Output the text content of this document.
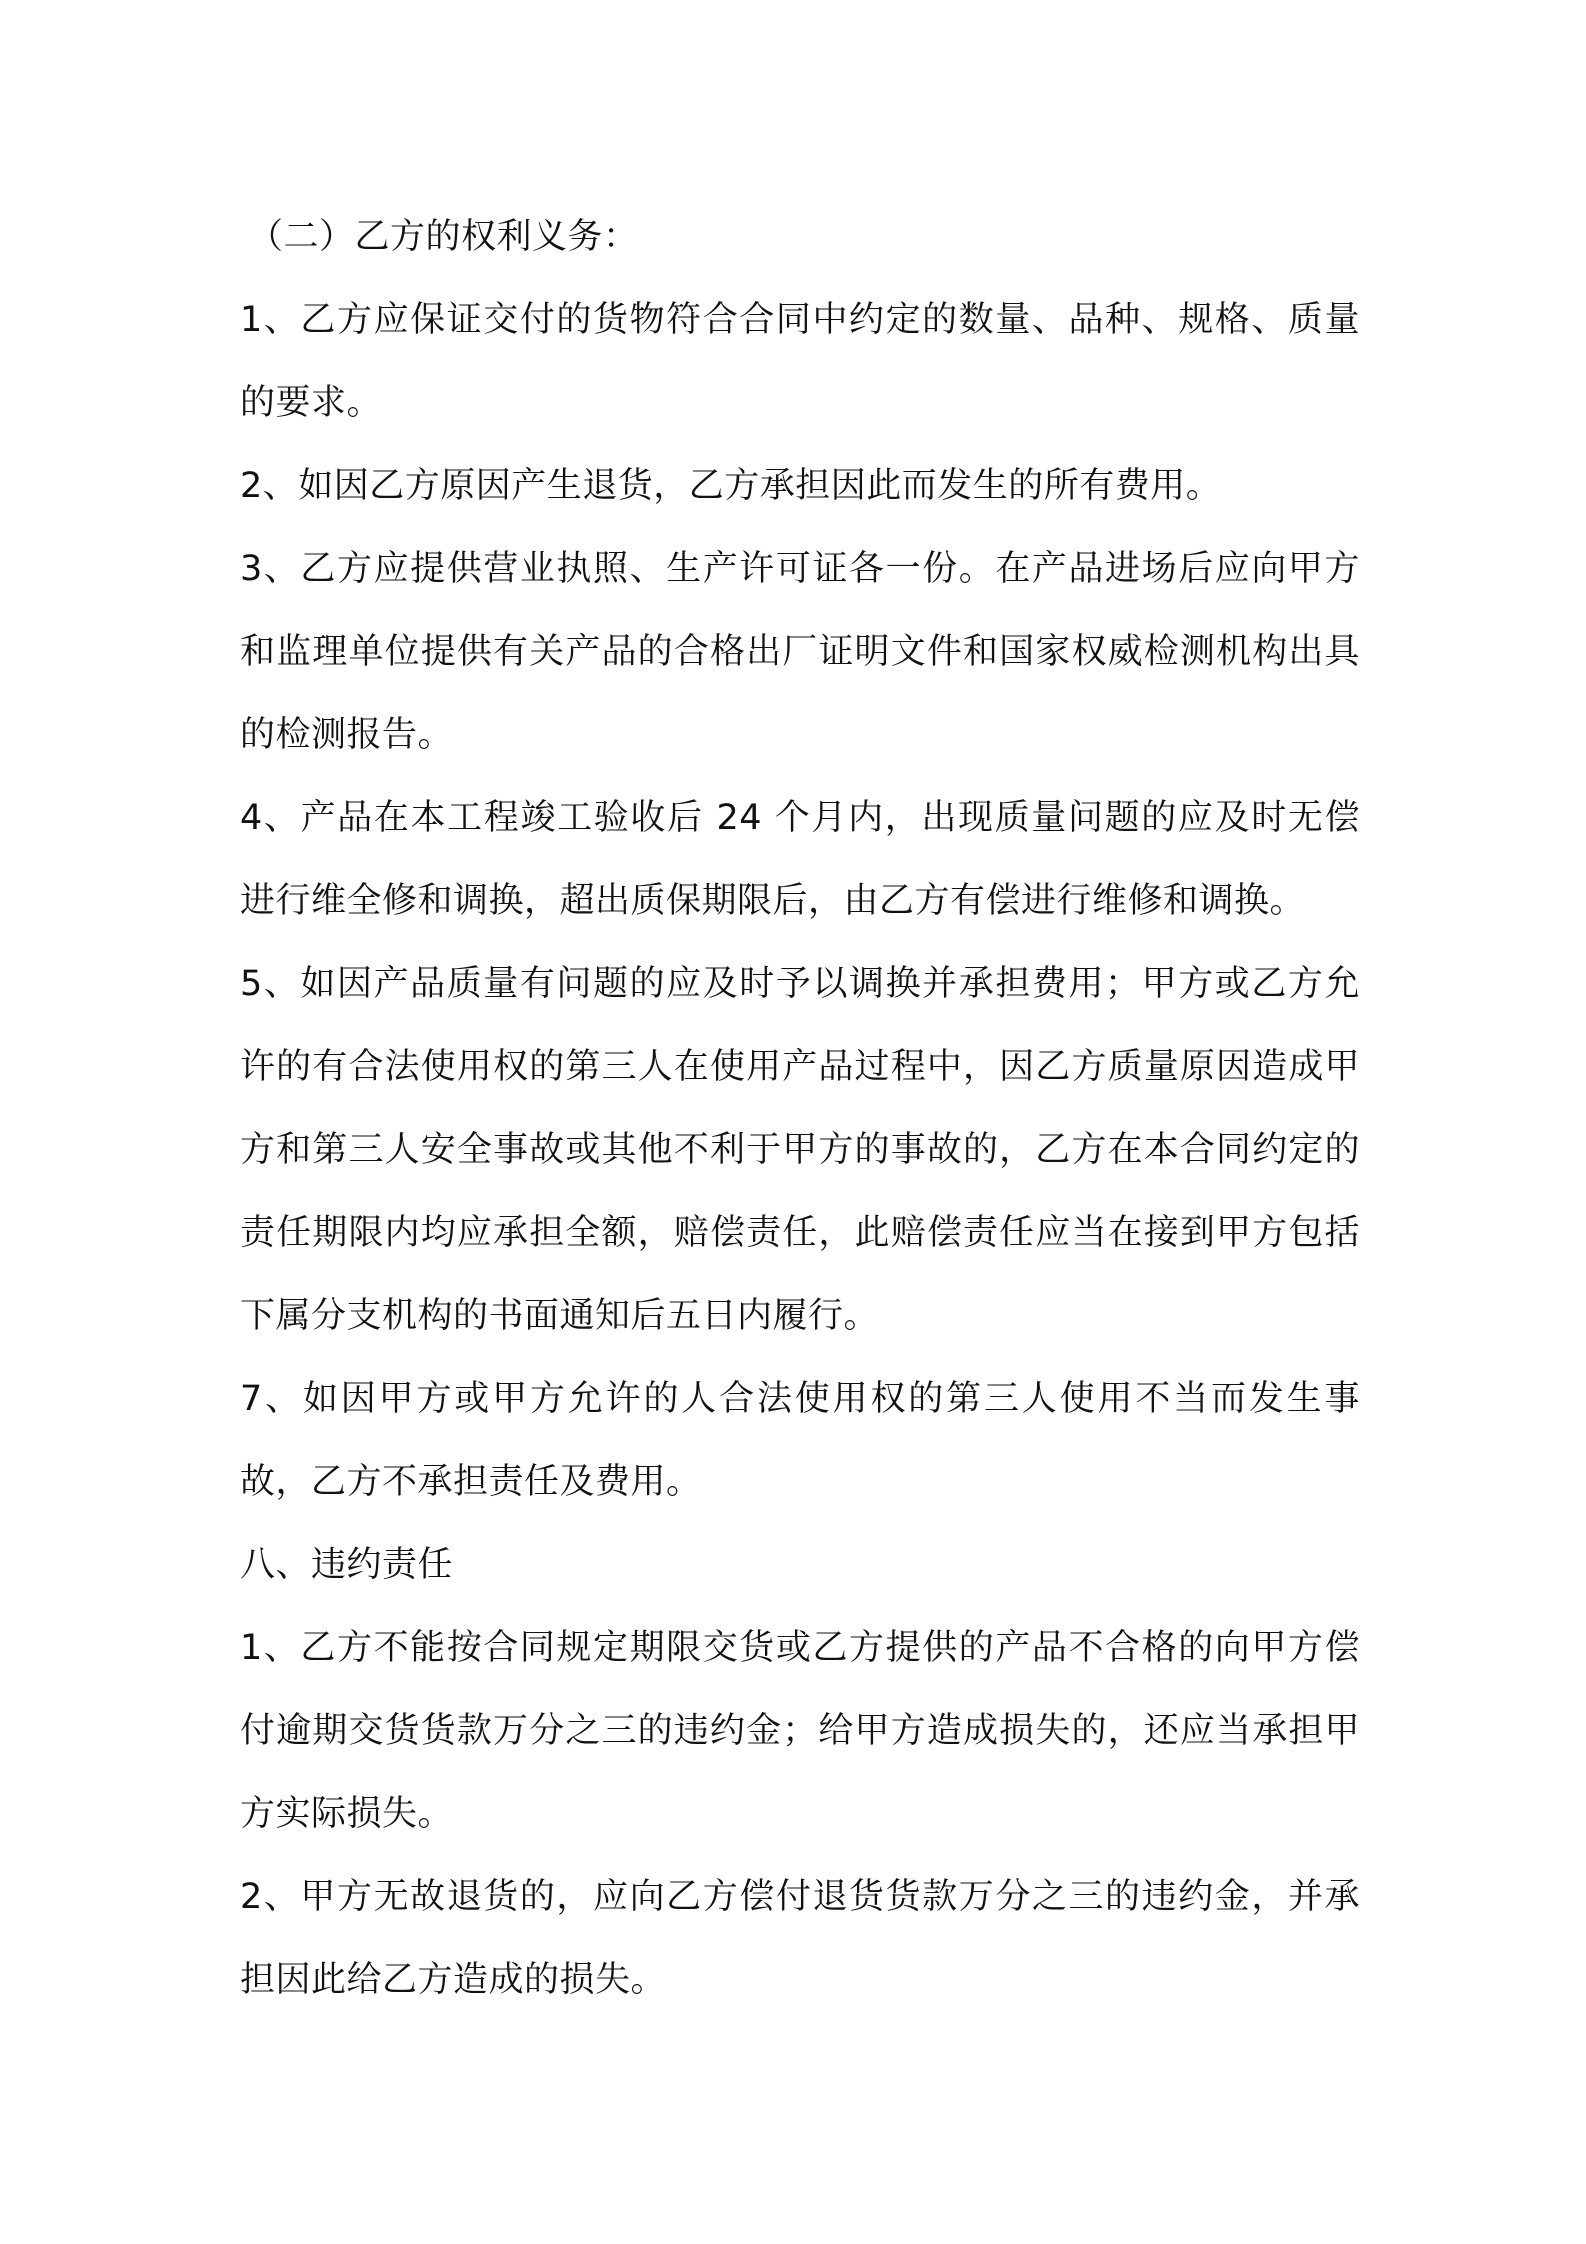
（二）乙方的权利义务：

1、乙方应保证交付的货物符合合同中约定的数量、品种、规格、质量的要求。

2、如因乙方原因产生退货，乙方承担因此而发生的所有费用。

3、乙方应提供营业执照、生产许可证各一份。在产品进场后应向甲方和监理单位提供有关产品的合格出厂证明文件和国家权威检测机构出具的检测报告。

4、产品在本工程竣工验收后 24 个月内，出现质量问题的应及时无偿进行维全修和调换，超出质保期限后，由乙方有偿进行维修和调换。

5、如因产品质量有问题的应及时予以调换并承担费用；甲方或乙方允许的有合法使用权的第三人在使用产品过程中，因乙方质量原因造成甲方和第三人安全事故或其他不利于甲方的事故的，乙方在本合同约定的责任期限内均应承担全额，赔偿责任，此赔偿责任应当在接到甲方包括下属分支机构的书面通知后五日内履行。

7、如因甲方或甲方允许的人合法使用权的第三人使用不当而发生事故，乙方不承担责任及费用。

八、违约责任

1、乙方不能按合同规定期限交货或乙方提供的产品不合格的向甲方偿付逾期交货货款万分之三的违约金；给甲方造成损失的，还应当承担甲方实际损失。

2、甲方无故退货的，应向乙方偿付退货货款万分之三的违约金，并承担因此给乙方造成的损失。
